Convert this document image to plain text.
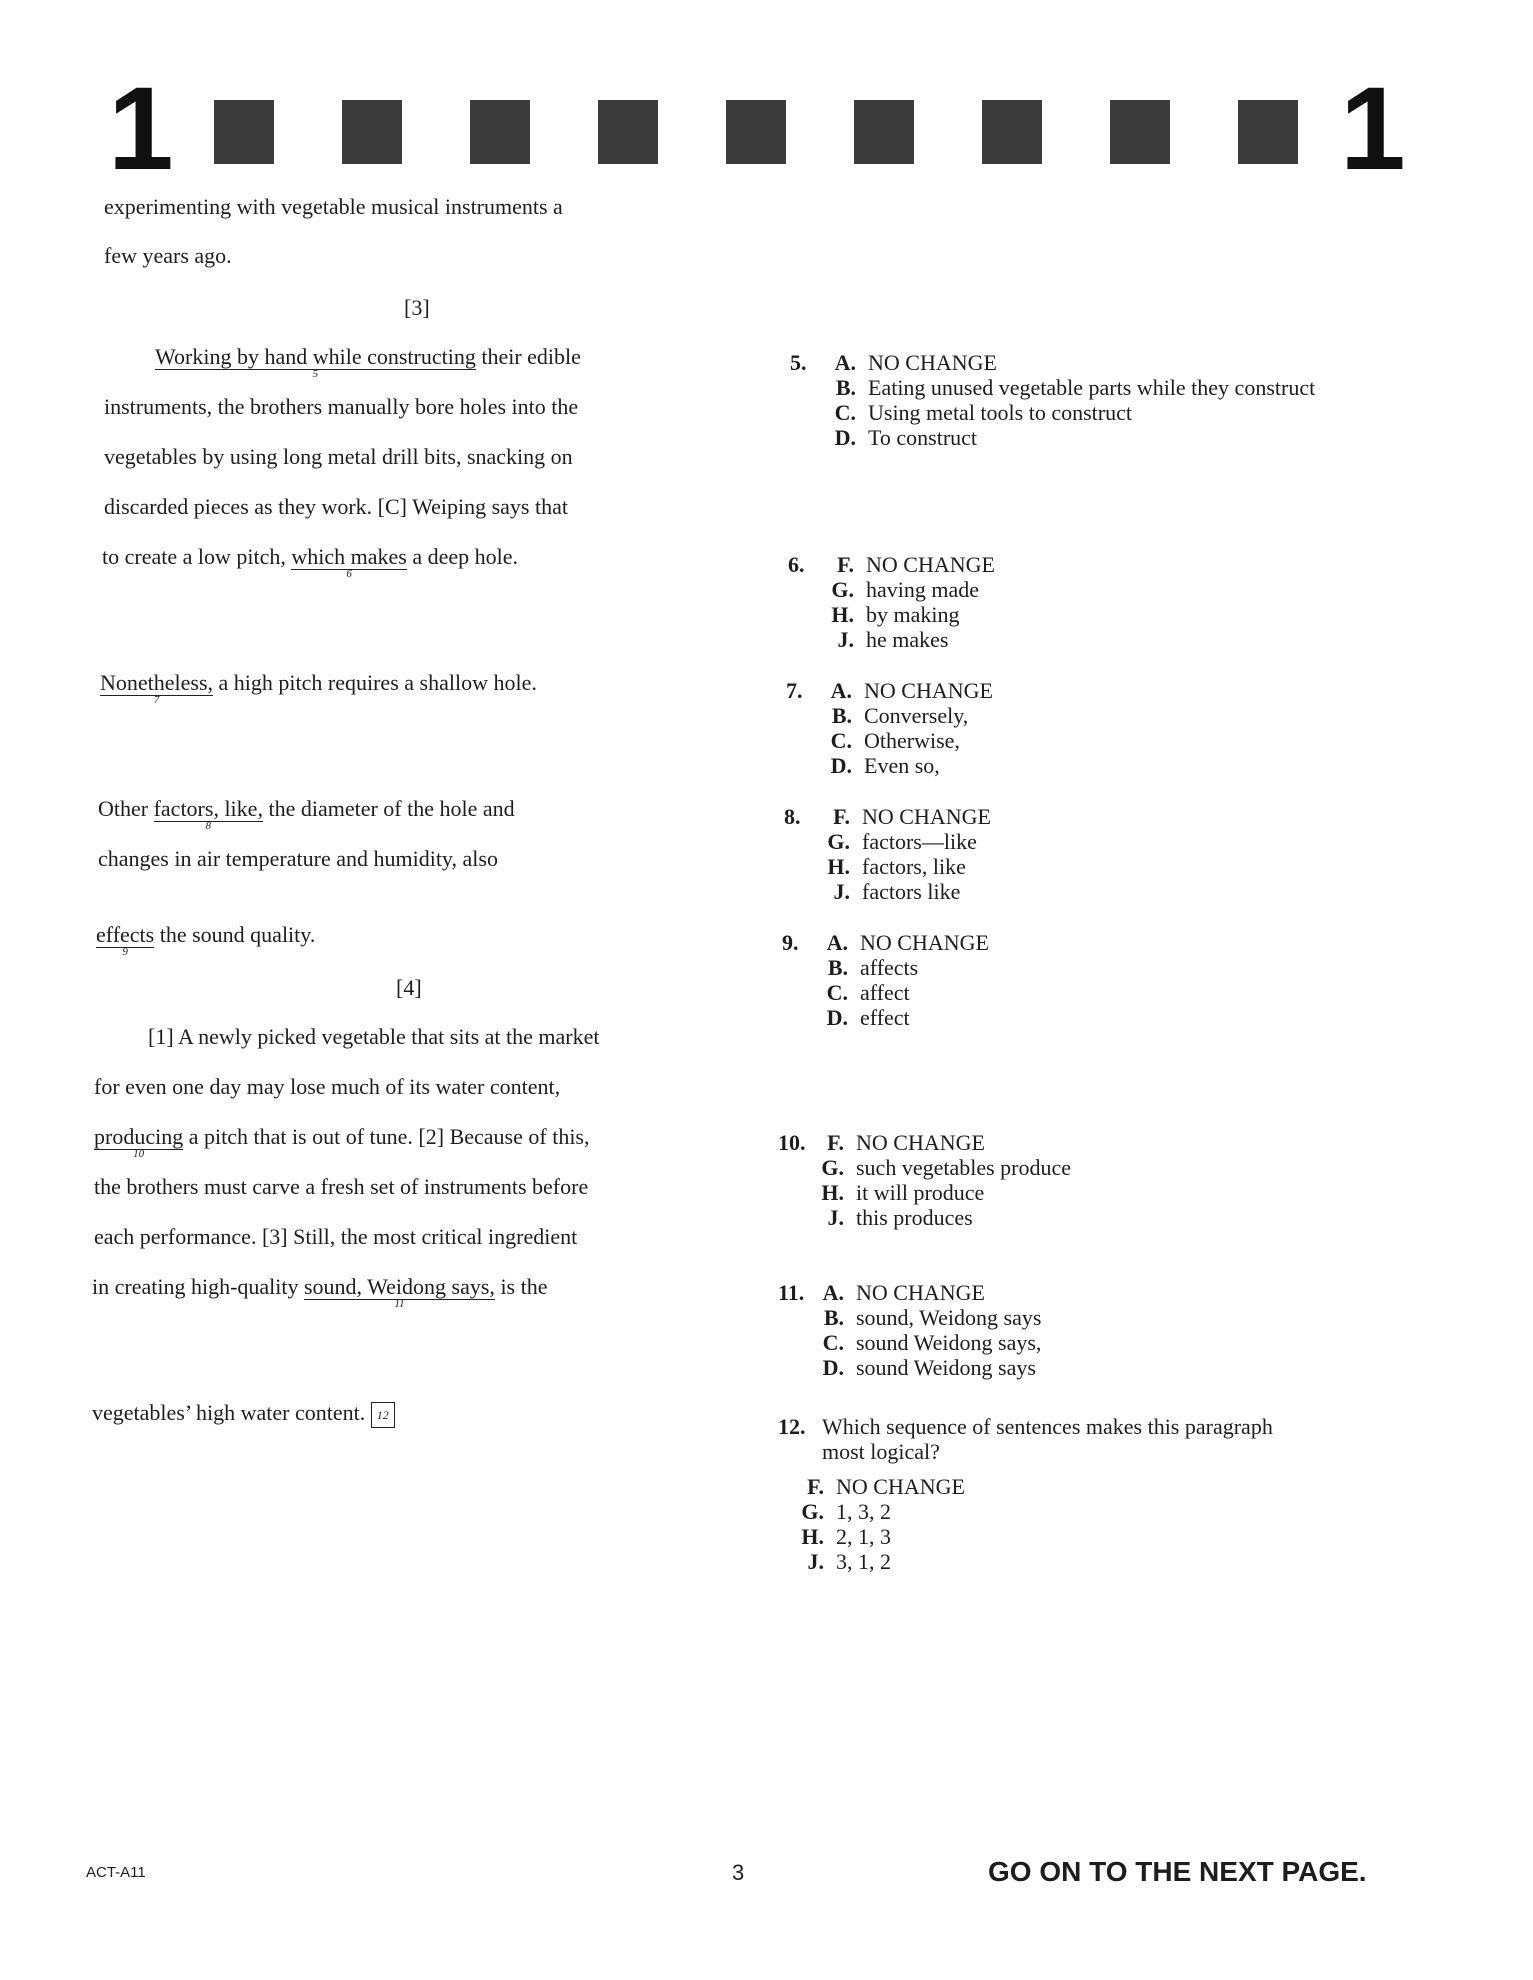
1	1
experimenting with vegetable musical instruments a
few years ago.
[3]
Working by hand while constructing
5
their edible
instruments, the brothers manually bore holes into the
vegetables by using long metal drill bits, snacking on
discarded pieces as they work. [C] Weiping says that
to create a low pitch, which makes
6
a deep hole.
Nonetheless,
7
a high pitch requires a shallow hole.
Other factors, like,
8
the diameter of the hole and
changes in air temperature and humidity, also
effects
9
the sound quality.
[4]
[1] A newly picked vegetable that sits at the market
for even one day may lose much of its water content,
producing
10
a pitch that is out of tune. [2] Because of this,
the brothers must carve a fresh set of instruments before
each performance. [3] Still, the most critical ingredient
in creating high-quality sound, Weidong says,
11
is the
vegetables’ high water content. 12
5. A. NO CHANGE
B. Eating unused vegetable parts while they construct
C. Using metal tools to construct
D. To construct
6.	F. NO CHANGE
G. having made
H. by making
J. he makes
7. A. NO CHANGE
B. Conversely,
C. Otherwise,
D. Even so,
8.	F. NO CHANGE
G. factors—like
H. factors, like
J. factors like
9. A. NO CHANGE
B. affects
C. affect
D. effect
10. F. NO CHANGE
G. such vegetables produce
H. it will produce
J. this produces
11. A. NO CHANGE
B. sound, Weidong says
C. sound Weidong says,
D. sound Weidong says
12. Which sequence of sentences makes this paragraph
most logical?
F. NO CHANGE
G. 1, 3, 2
H. 2, 1, 3
J. 3, 1, 2
ACT-A11	3	GO ON TO THE NEXT PAGE.
